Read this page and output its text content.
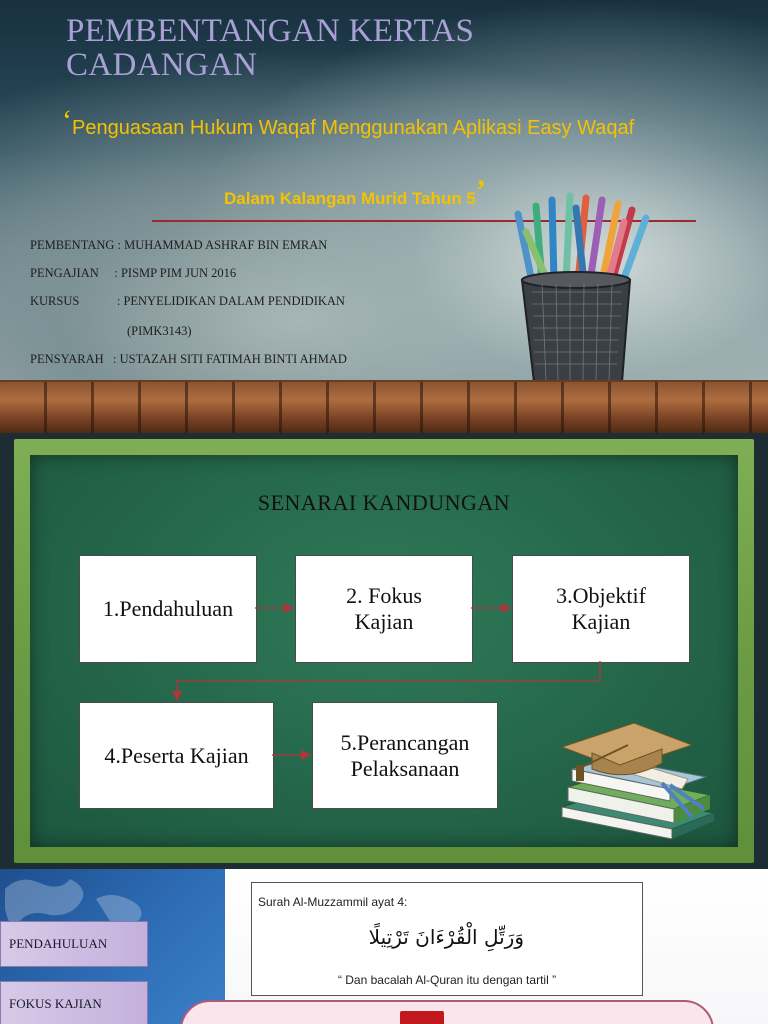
PEMBENTANGAN KERTAS CADANGAN
‘Penguasaan Hukum Waqaf Menggunakan Aplikasi Easy Waqaf
Dalam Kalangan Murid Tahun 5’
PEMBENTANG : MUHAMMAD ASHRAF BIN EMRAN
PENGAJIAN     : PISMP PIM JUN 2016
KURSUS            : PENYELIDIKAN DALAM PENDIDIKAN
(PIMK3143)
PENSYARAH   : USTAZAH SITI FATIMAH BINTI AHMAD
SENARAI KANDUNGAN
1.Pendahuluan
2. Fokus
Kajian
3.Objektif
Kajian
4.Peserta Kajian
5.Perancangan
Pelaksanaan
PENDAHULUAN
FOKUS KAJIAN
Surah Al-Muzzammil ayat 4:
وَرَتِّلِ الْقُرْءَانَ تَرْتِيلًا
“ Dan bacalah Al-Quran itu dengan tartil ”
